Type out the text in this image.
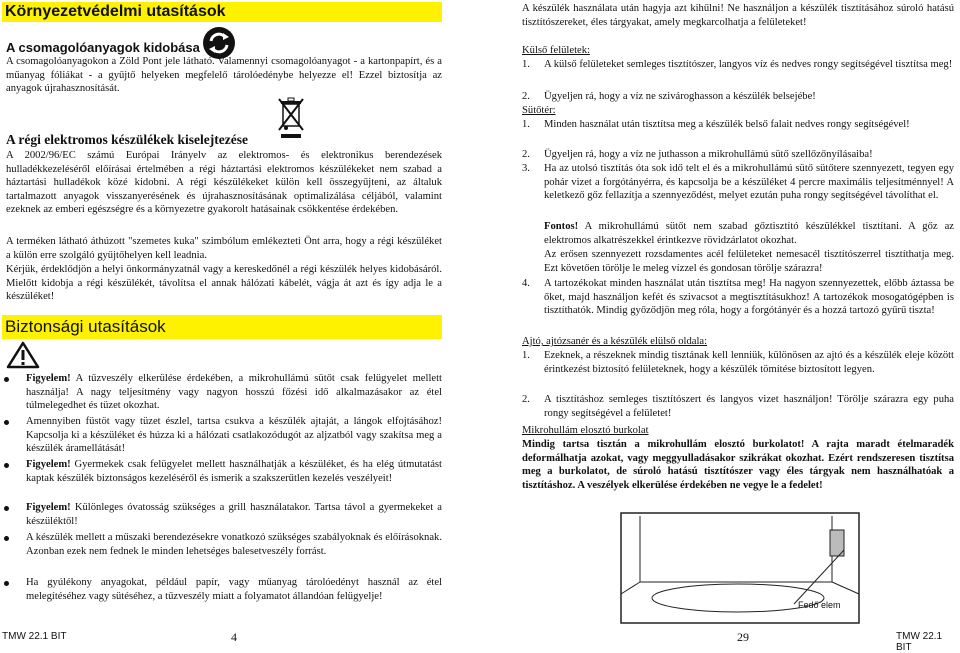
Környezetvédelmi utasítások
A csomagolóanyagok kidobása
A csomagolóanyagokon a Zöld Pont jele látható. Valamennyi csomagolóanyagot - a kartonpapírt, és a műanyag fóliákat - a gyűjtő helyeken megfelelő tárolóedénybe helyezze el! Ezzel biztosítja az anyagok újrahasznosítását.
A régi elektromos készülékek kiselejtezése
A 2002/96/EC számú Európai Irányelv az elektromos- és elektronikus berendezések hulladékkezeléséről előírásai értelmében a régi háztartási elektromos készülékeket nem szabad a háztartási hulladékok közé kidobni. A régi készülékeket külön kell összegyűjteni, az általuk tartalmazott anyagok visszanyerésének és újrahasznosításának optimalizálása céljából, valamint ezeknek az emberi egészségre és a környezetre gyakorolt hatásainak csökkentése érdekében.
A terméken látható áthúzott "szemetes kuka" szimbólum emlékezteti Önt arra, hogy a régi készüléket a külön erre szolgáló gyűjtőhelyen kell leadnia.
Kérjük, érdeklődjön a helyi önkormányzatnál vagy a kereskedőnél a régi készülék helyes kidobásáról. Mielőtt kidobja a régi készülékét, távolítsa el annak hálózati kábelét, vágja át azt és így adja le a készüléket!
Biztonsági utasítások
Figyelem! A tűzveszély elkerülése érdekében, a mikrohullámú sütőt csak felügyelet mellett használja! A nagy teljesítmény vagy nagyon hosszú főzési idő alkalmazásakor az étel túlmelegedhet és tüzet okozhat.
Amennyiben füstöt vagy tüzet észlel, tartsa csukva a készülék ajtaját, a lángok elfojtásához! Kapcsolja ki a készüléket és húzza ki a hálózati csatlakozódugót az aljzatból vagy szakítsa meg a készülék áramellátását!
Figyelem! Gyermekek csak felügyelet mellett használhatják a készüléket, és ha elég útmutatást kaptak készülék biztonságos kezeléséről és ismerik a szakszerűtlen kezelés veszélyeit!
Figyelem! Különleges óvatosság szükséges a grill használatakor. Tartsa távol a gyermekeket a készüléktől!
A készülék mellett a műszaki berendezésekre vonatkozó szükséges szabályoknak és előírásoknak. Azonban ezek nem fednek le minden lehetséges balesetveszély forrást.
Ha gyúlékony anyagokat, például papír, vagy műanyag tárolóedényt használ az étel melegítéséhez vagy sütéséhez, a tűzveszély miatt a folyamatot állandóan felügyelje!
TMW 22.1 BIT	4
A készülék használata után hagyja azt kihűlni! Ne használjon a készülék tisztításához súroló hatású tisztítószereket, éles tárgyakat, amely megkarcolhatja a felületeket!
Külső felületek:
1. A külső felületeket semleges tisztítószer, langyos víz és nedves rongy segítségével tisztítsa meg!
2. Ügyeljen rá, hogy a víz ne szivároghasson a készülék belsejébe!
Sütőtér:
1. Minden használat után tisztítsa meg a készülék belső falait nedves rongy segítségével!
2. Ügyeljen rá, hogy a víz ne juthasson a mikrohullámú sütő szellőzőnyílásaiba!
3. Ha az utolsó tisztítás óta sok idő telt el és a mikrohullámú sütő sütőtere szennyezett, tegyen egy pohár vizet a forgótányérra, és kapcsolja be a készüléket 4 percre maximális teljesítménnyel! A keletkező gőz fellazítja a szennyeződést, melyet ezután puha rongy segítségével távolíthat el.
Fontos! A mikrohullámú sütőt nem szabad gőztisztító készülékkel tisztítani. A gőz az elektromos alkatrészekkel érintkezve rövidzárlatot okozhat.
Az erősen szennyezett rozsdamentes acél felületeket nemesacél tisztítószerrel tisztíthatja meg. Ezt követően törölje le meleg vízzel és gondosan törölje szárazra!
4. A tartozékokat minden használat után tisztítsa meg! Ha nagyon szennyezettek, előbb áztassa be őket, majd használjon kefét és szivacsot a megtisztításukhoz! A tartozékok mosogatógépben is tisztíthatók. Mindig győződjön meg róla, hogy a forgótányér és a hozzá tartozó gyűrű tiszta!
Ajtó, ajtózsanér és a készülék elülső oldala:
1. Ezeknek, a részeknek mindig tisztának kell lenniük, különösen az ajtó és a készülék eleje között érintkezést biztosító felületeknek, hogy a készülék tömítése biztosított legyen.
2. A tisztításhoz semleges tisztítószert és langyos vizet használjon! Törölje szárazra egy puha rongy segítségével a felületet!
Mikrohullám elosztó burkolat
Mindig tartsa tisztán a mikrohullám elosztó burkolatot! A rajta maradt ételmaradék deformálhatja azokat, vagy meggyulladásakor szikrákat okozhat. Ezért rendszeresen tisztítsa meg a burkolatot, de súroló hatású tisztítószer vagy éles tárgyak nem használhatóak a tisztításhoz. A veszélyek elkerülése érdekében ne vegye le a fedelet!
Fedő elem
29	TMW 22.1 BIT
